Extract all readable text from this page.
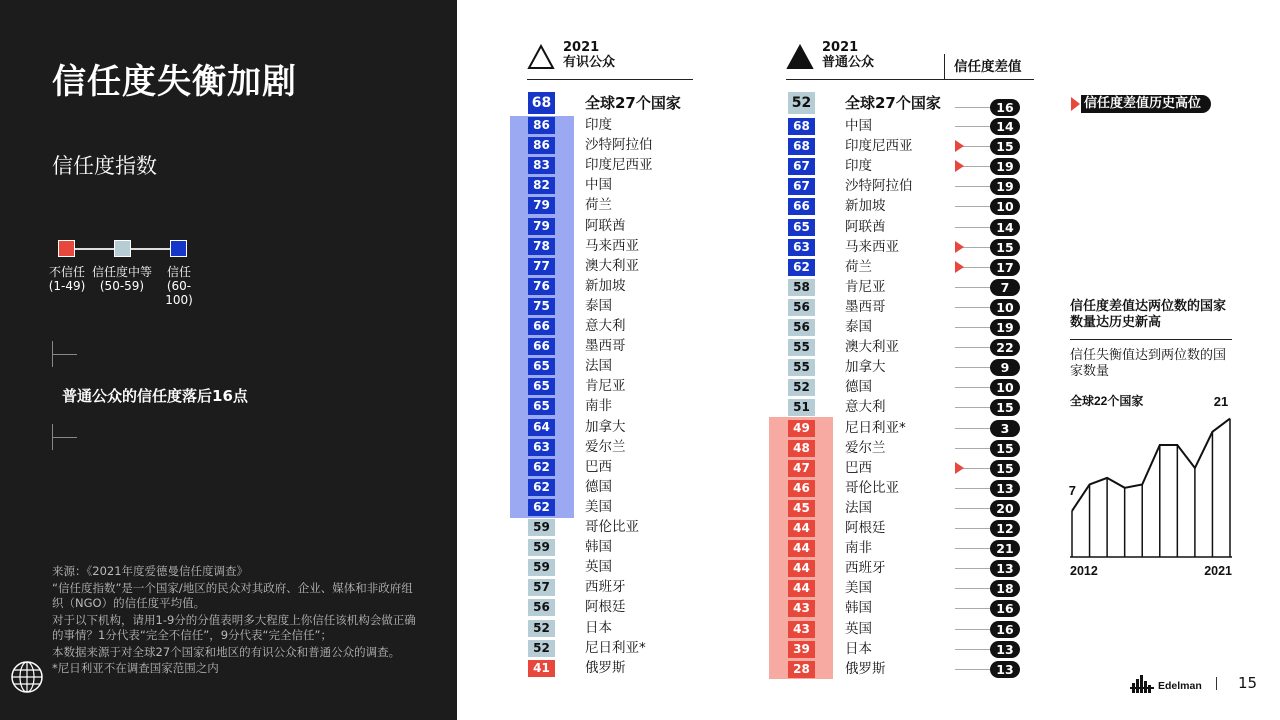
信任度失衡加剧
信任度指数
不信任
(1-49)
信任度中等
(50-59)
信任
(60-100)
普通公众的信任度落后16点

来源：《2021年度爱德曼信任度调查》

“信任度指数”是一个国家/地区的民众对其政府、企业、媒体和非政府组织（NGO）的信任度平均值。

对于以下机构，请用1-9分的分值表明多大程度上你信任该机构会做正确的事情？1分代表“完全不信任”，9分代表“完全信任”；

本数据来源于对全球27个国家和地区的有识公众和普通公众的调查。

*尼日利亚不在调查国家范围之内

2021
有识公众
2021
普通公众	信任度差值
68 全球27个国家	52 全球27个国家	16
86	印度
86	沙特阿拉伯
83	印度尼西亚
82	中国
79	荷兰
79	阿联酋
78	马来西亚
77	澳大利亚
76	新加坡
75	泰国
66	意大利
66	墨西哥
65	法国
65	肯尼亚
65	南非
64	加拿大
63	爱尔兰
62	巴西
62	德国
62	美国
59	哥伦比亚
59	韩国
59	英国
57	西班牙
56	阿根廷
52	日本
52	尼日利亚*
41	俄罗斯
68	中国	14
68	印度尼西亚	15
67	印度	19
67	沙特阿拉伯	19
66	新加坡	10
65	阿联酋	14
63	马来西亚	15
62	荷兰	17
58	肯尼亚	7
56	墨西哥	10
56	泰国	19
55	澳大利亚	22
55	加拿大	9
52	德国	10
51	意大利	15
49	尼日利亚*	3
48	爱尔兰	15
47	巴西	15
46	哥伦比亚	13
45	法国	20
44	阿根廷	12
44	南非	21
44	西班牙	13
44	美国	18
43	韩国	16
43	英国	16
39	日本	13
28	俄罗斯	13
信任度差值历史高位
信任度差值达两位数的国家数量达历史新高
信任失衡值达到两位数的国家数量
全球22个国家	21
7
2012	2021
Edelman 15
